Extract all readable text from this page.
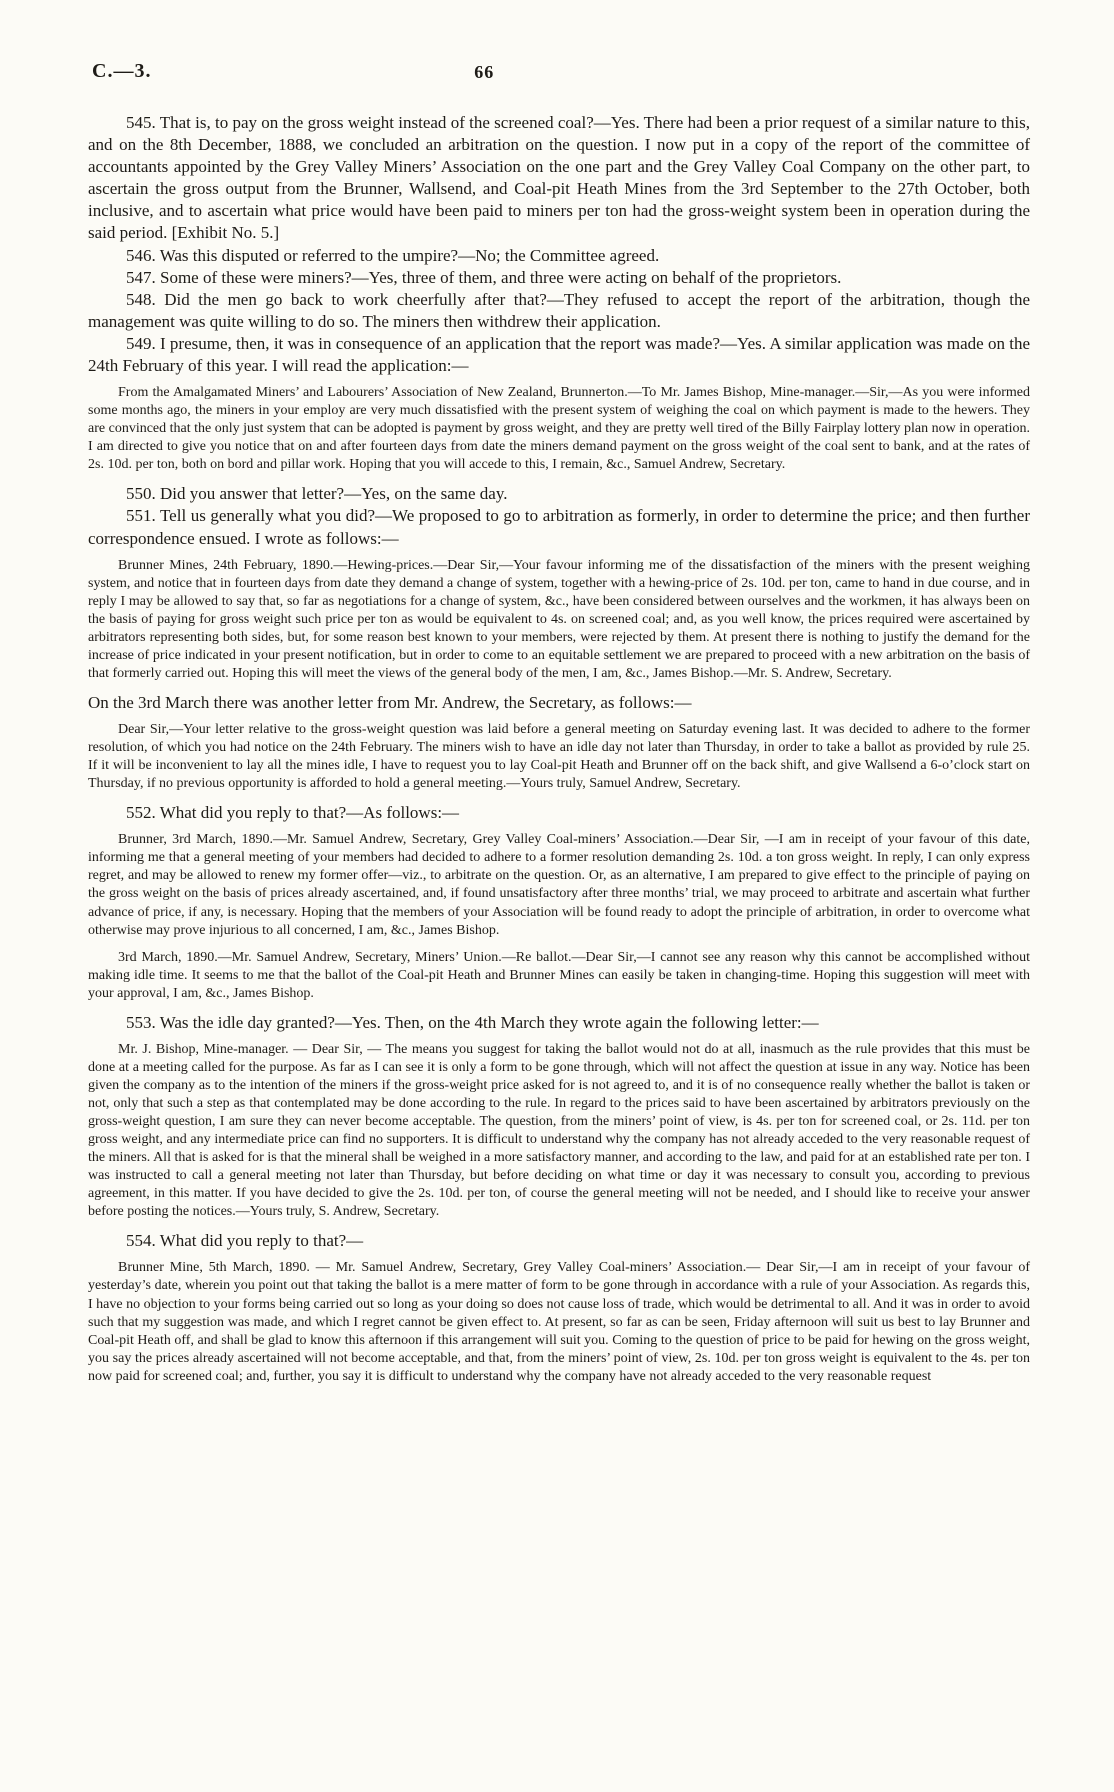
C.—3.	66

545. That is, to pay on the gross weight instead of the screened coal?—Yes. There had been a prior request of a similar nature to this, and on the 8th December, 1888, we concluded an arbitration on the question. I now put in a copy of the report of the committee of accountants appointed by the Grey Valley Miners’ Association on the one part and the Grey Valley Coal Company on the other part, to ascertain the gross output from the Brunner, Wallsend, and Coal-pit Heath Mines from the 3rd September to the 27th October, both inclusive, and to ascertain what price would have been paid to miners per ton had the gross-weight system been in operation during the said period. [Exhibit No. 5.]

546. Was this disputed or referred to the umpire?—No; the Committee agreed.

547. Some of these were miners?—Yes, three of them, and three were acting on behalf of the proprietors.

548. Did the men go back to work cheerfully after that?—They refused to accept the report of the arbitration, though the management was quite willing to do so. The miners then withdrew their application.

549. I presume, then, it was in consequence of an application that the report was made?—Yes. A similar application was made on the 24th February of this year. I will read the application:—

From the Amalgamated Miners’ and Labourers’ Association of New Zealand, Brunnerton.—To Mr. James Bishop, Mine-manager.—Sir,—As you were informed some months ago, the miners in your employ are very much dissatisfied with the present system of weighing the coal on which payment is made to the hewers. They are convinced that the only just system that can be adopted is payment by gross weight, and they are pretty well tired of the Billy Fairplay lottery plan now in operation. I am directed to give you notice that on and after fourteen days from date the miners demand payment on the gross weight of the coal sent to bank, and at the rates of 2s. 10d. per ton, both on bord and pillar work. Hoping that you will accede to this, I remain, &c., Samuel Andrew, Secretary.

550. Did you answer that letter?—Yes, on the same day.

551. Tell us generally what you did?—We proposed to go to arbitration as formerly, in order to determine the price; and then further correspondence ensued. I wrote as follows:—

Brunner Mines, 24th February, 1890.—Hewing-prices.—Dear Sir,—Your favour informing me of the dissatisfaction of the miners with the present weighing system, and notice that in fourteen days from date they demand a change of system, together with a hewing-price of 2s. 10d. per ton, came to hand in due course, and in reply I may be allowed to say that, so far as negotiations for a change of system, &c., have been considered between ourselves and the workmen, it has always been on the basis of paying for gross weight such price per ton as would be equivalent to 4s. on screened coal; and, as you well know, the prices required were ascertained by arbitrators representing both sides, but, for some reason best known to your members, were rejected by them. At present there is nothing to justify the demand for the increase of price indicated in your present notification, but in order to come to an equitable settlement we are prepared to proceed with a new arbitration on the basis of that formerly carried out. Hoping this will meet the views of the general body of the men, I am, &c., James Bishop.—Mr. S. Andrew, Secretary.

On the 3rd March there was another letter from Mr. Andrew, the Secretary, as follows:—

Dear Sir,—Your letter relative to the gross-weight question was laid before a general meeting on Saturday evening last. It was decided to adhere to the former resolution, of which you had notice on the 24th February. The miners wish to have an idle day not later than Thursday, in order to take a ballot as provided by rule 25. If it will be inconvenient to lay all the mines idle, I have to request you to lay Coal-pit Heath and Brunner off on the back shift, and give Wallsend a 6-o’clock start on Thursday, if no previous opportunity is afforded to hold a general meeting.—Yours truly, Samuel Andrew, Secretary.

552. What did you reply to that?—As follows:—

Brunner, 3rd March, 1890.—Mr. Samuel Andrew, Secretary, Grey Valley Coal-miners’ Association.—Dear Sir, —I am in receipt of your favour of this date, informing me that a general meeting of your members had decided to adhere to a former resolution demanding 2s. 10d. a ton gross weight. In reply, I can only express regret, and may be allowed to renew my former offer—viz., to arbitrate on the question. Or, as an alternative, I am prepared to give effect to the principle of paying on the gross weight on the basis of prices already ascertained, and, if found unsatisfactory after three months’ trial, we may proceed to arbitrate and ascertain what further advance of price, if any, is necessary. Hoping that the members of your Association will be found ready to adopt the principle of arbitration, in order to overcome what otherwise may prove injurious to all concerned, I am, &c., James Bishop.

3rd March, 1890.—Mr. Samuel Andrew, Secretary, Miners’ Union.—Re ballot.—Dear Sir,—I cannot see any reason why this cannot be accomplished without making idle time. It seems to me that the ballot of the Coal-pit Heath and Brunner Mines can easily be taken in changing-time. Hoping this suggestion will meet with your approval, I am, &c., James Bishop.

553. Was the idle day granted?—Yes. Then, on the 4th March they wrote again the following letter:—

Mr. J. Bishop, Mine-manager. — Dear Sir, — The means you suggest for taking the ballot would not do at all, inasmuch as the rule provides that this must be done at a meeting called for the purpose. As far as I can see it is only a form to be gone through, which will not affect the question at issue in any way. Notice has been given the company as to the intention of the miners if the gross-weight price asked for is not agreed to, and it is of no consequence really whether the ballot is taken or not, only that such a step as that contemplated may be done according to the rule. In regard to the prices said to have been ascertained by arbitrators previously on the gross-weight question, I am sure they can never become acceptable. The question, from the miners’ point of view, is 4s. per ton for screened coal, or 2s. 11d. per ton gross weight, and any intermediate price can find no supporters. It is difficult to understand why the company has not already acceded to the very reasonable request of the miners. All that is asked for is that the mineral shall be weighed in a more satisfactory manner, and according to the law, and paid for at an established rate per ton. I was instructed to call a general meeting not later than Thursday, but before deciding on what time or day it was necessary to consult you, according to previous agreement, in this matter. If you have decided to give the 2s. 10d. per ton, of course the general meeting will not be needed, and I should like to receive your answer before posting the notices.—Yours truly, S. Andrew, Secretary.

554. What did you reply to that?—

Brunner Mine, 5th March, 1890. — Mr. Samuel Andrew, Secretary, Grey Valley Coal-miners’ Association.— Dear Sir,—I am in receipt of your favour of yesterday’s date, wherein you point out that taking the ballot is a mere matter of form to be gone through in accordance with a rule of your Association. As regards this, I have no objection to your forms being carried out so long as your doing so does not cause loss of trade, which would be detrimental to all. And it was in order to avoid such that my suggestion was made, and which I regret cannot be given effect to. At present, so far as can be seen, Friday afternoon will suit us best to lay Brunner and Coal-pit Heath off, and shall be glad to know this afternoon if this arrangement will suit you. Coming to the question of price to be paid for hewing on the gross weight, you say the prices already ascertained will not become acceptable, and that, from the miners’ point of view, 2s. 10d. per ton gross weight is equivalent to the 4s. per ton now paid for screened coal; and, further, you say it is difficult to understand why the company have not already acceded to the very reasonable request
